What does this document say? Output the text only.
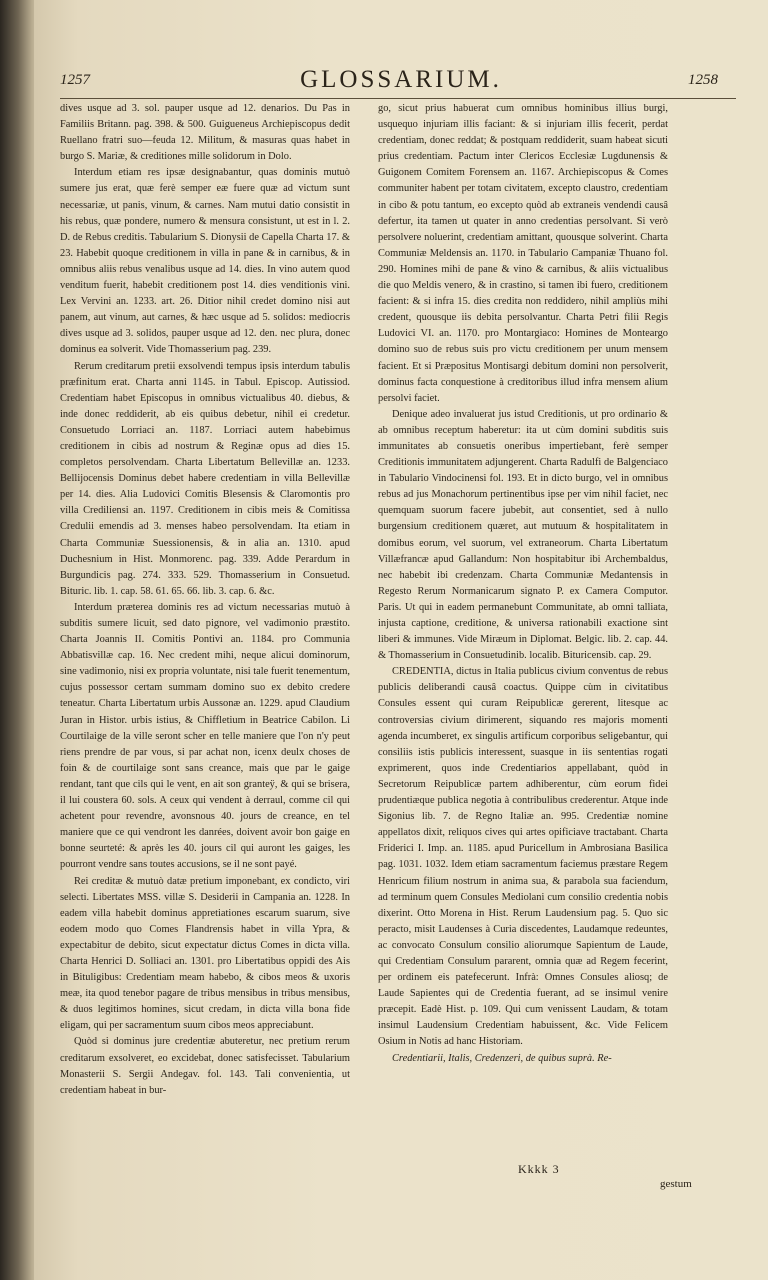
GLOSSARIUM.
1257	1258

dives usque ad 3. sol. pauper usque ad 12. denarios. Du Pas in Familiis Britann. pag. 398. & 500. Guigueneus Archiepiscopus dedit Ruellano fratri suo—feuda 12. Militum, & masuras quas habet in burgo S. Mariæ, & creditiones mille solidorum in Dolo.

Interdum etiam res ipsæ designabantur, quas dominis mutuò sumere jus erat, quæ ferè semper eæ fuere quæ ad victum sunt necessariæ, ut panis, vinum, & carnes. Nam mutui datio consistit in his rebus, quæ pondere, numero & mensura consistunt, ut est in l. 2. D. de Rebus creditis. Tabularium S. Dionysii de Capella Charta 17. & 23. Habebit quoque creditionem in villa in pane & in carnibus, & in omnibus aliis rebus venalibus usque ad 14. dies. In vino autem quod venditum fuerit, habebit creditionem post 14. dies venditionis vini. Lex Vervini an. 1233. art. 26. Ditior nihil credet domino nisi aut panem, aut vinum, aut carnes, & hæc usque ad 5. solidos: mediocris dives usque ad 3. solidos, pauper usque ad 12. den. nec plura, donec dominus ea solverit. Vide Thomasserium pag. 239.

Rerum creditarum pretii exsolvendi tempus ipsis interdum tabulis præfinitum erat. Charta anni 1145. in Tabul. Episcop. Autissiod. Credentiam habet Episcopus in omnibus victualibus 40. diebus, & inde donec reddiderit, ab eis quibus debetur, nihil ei credetur. Consuetudo Lorriaci an. 1187. Lorriaci autem habebimus creditionem in cibis ad nostrum & Reginæ opus ad dies 15. completos persolvendam. Charta Libertatum Bellevillæ an. 1233. Bellijocensis Dominus debet habere credentiam in villa Bellevillæ per 14. dies. Alia Ludovici Comitis Blesensis & Claromontis pro villa Crediliensi an. 1197. Creditionem in cibis meis & Comitissa Credulii emendis ad 3. menses habeo persolvendam. Ita etiam in Charta Communiæ Suessionensis, & in alia an. 1310. apud Duchesnium in Hist. Monmorenc. pag. 339. Adde Perardum in Burgundicis pag. 274. 333. 529. Thomasserium in Consuetud. Bituric. lib. 1. cap. 58. 61. 65. 66. lib. 3. cap. 6. &c.

Interdum præterea dominis res ad victum necessarias mutuò à subditis sumere licuit, sed dato pignore, vel vadimonio præstito. Charta Joannis II. Comitis Pontivi an. 1184. pro Communia Abbatisvillæ cap. 16. Nec credent mihi, neque alicui dominorum, sine vadimonio, nisi ex propria voluntate, nisi tale fuerit tenementum, cujus possessor certam summam domino suo ex debito credere teneatur. Charta Libertatum urbis Aussonæ an. 1229. apud Claudium Juran in Histor. urbis istius, & Chiffletium in Beatrice Cabilon. Li Courtilaige de la ville seront scher en telle maniere que l'on n'y peut riens prendre de par vous, si par achat non, icenx deulx choses de foin & de courtilaige sont sans creance, mais que par le gaige rendant, tant que cils qui le vent, en ait son granteÿ, & qui se brisera, il lui coustera 60. sols. A ceux qui vendent à derraul, comme cil qui achetent pour revendre, avonsnous 40. jours de creance, en tel maniere que ce qui vendront les danrées, doivent avoir bon gaige en bonne seurteté: & après les 40. jours cil qui auront les gaiges, les pourront vendre sans toutes accusions, se il ne sont payé.

Rei creditæ & mutuò datæ pretium imponebant, ex condicto, viri selecti. Libertates MSS. villæ S. Desiderii in Campania an. 1228. In eadem villa habebit dominus appretiationes escarum suarum, sive eodem modo quo Comes Flandrensis habet in villa Ypra, & expectabitur de debito, sicut expectatur dictus Comes in dicta villa. Charta Henrici D. Solliaci an. 1301. pro Libertatibus oppidi des Ais in Bituligibus: Credentiam meam habebo, & cibos meos & uxoris meæ, ita quod tenebor pagare de tribus mensibus in tribus mensibus, & duos legitimos homines, sicut credam, in dicta villa bona fide eligam, qui per sacramentum suum cibos meos appreciabunt.

Quòd si dominus jure credentiæ abuteretur, nec pretium rerum creditarum exsolveret, eo excidebat, donec satisfecisset. Tabularium Monasterii S. Sergii Andegav. fol. 143. Tali convenientia, ut credentiam habeat in bur-

go, sicut prius habuerat cum omnibus hominibus illius burgi, usquequo injuriam illis faciant: & si injuriam illis fecerit, perdat credentiam, donec reddat; & postquam reddiderit, suam habeat sicuti prius credentiam. Pactum inter Clericos Ecclesiæ Lugdunensis & Guigonem Comitem Forensem an. 1167. Archiepiscopus & Comes communiter habent per totam civitatem, excepto claustro, credentiam in cibo & potu tantum, eo excepto quòd ab extraneis vendendi causâ defertur, ita tamen ut quater in anno credentias persolvant. Si verò persolvere noluerint, credentiam amittant, quousque solverint. Charta Communiæ Meldensis an. 1170. in Tabulario Campaniæ Thuano fol. 290. Homines mihi de pane & vino & carnibus, & aliis victualibus die quo Meldis venero, & in crastino, si tamen ibi fuero, creditionem facient: & si infra 15. dies credita non reddidero, nihil ampliùs mihi credent, quousque iis debita persolvantur. Charta Petri filii Regis Ludovici VI. an. 1170. pro Montargiaco: Homines de Monteargo domino suo de rebus suis pro victu creditionem per unum mensem facient. Et si Præpositus Montisargi debitum domini non persolverit, dominus facta conquestione à creditoribus illud infra mensem alium persolvi faciet.

Denique adeo invaluerat jus istud Creditionis, ut pro ordinario & ab omnibus receptum haberetur: ita ut cùm domini subditis suis immunitates ab consuetis oneribus impertiebant, ferè semper Creditionis immunitatem adjungerent. Charta Radulfi de Balgenciaco in Tabulario Vindocinensi fol. 193. Et in dicto burgo, vel in omnibus rebus ad jus Monachorum pertinentibus ipse per vim nihil faciet, nec quemquam suorum facere jubebit, aut consentiet, sed à nullo burgensium creditionem quæret, aut mutuum & hospitalitatem in domibus eorum, vel suorum, vel extraneorum. Charta Libertatum Villæfrancæ apud Gallandum: Non hospitabitur ibi Archembaldus, nec habebit ibi credenzam. Charta Communiæ Medantensis in Regesto Rerum Normanicarum signato P. ex Camera Computor. Paris. Ut qui in eadem permanebunt Communitate, ab omni talliata, injusta captione, creditione, & universa rationabili exactione sint liberi & immunes. Vide Miræum in Diplomat. Belgic. lib. 2. cap. 44. & Thomasserium in Consuetudinib. localib. Bituricensib. cap. 29.

CREDENTIA, dictus in Italia publicus civium conventus de rebus publicis deliberandi causâ coactus. Quippe cùm in civitatibus Consules essent qui curam Reipublicæ gererent, litesque ac controversias civium dirimerent, siquando res majoris momenti agenda incumberet, ex singulis artificum corporibus seligebantur, qui consiliis istis publicis interessent, suasque in iis sententias rogati exprimerent, quos inde Credentiarios appellabant, quòd in Secretorum Reipublicæ partem adhiberentur, cùm eorum fidei prudentiæque publica negotia à contribulibus crederentur. Atque inde Sigonius lib. 7. de Regno Italiæ an. 995. Credentiæ nomine appellatos dixit, reliquos cives qui artes opificiave tractabant. Charta Friderici I. Imp. an. 1185. apud Puricellum in Ambrosiana Basilica pag. 1031. 1032. Idem etiam sacramentum faciemus præstare Regem Henricum filium nostrum in anima sua, & parabola sua faciendum, ad terminum quem Consules Mediolani cum consilio credentia nobis dixerint. Otto Morena in Hist. Rerum Laudensium pag. 5. Quo sic peracto, misit Laudenses à Curia discedentes, Laudamque redeuntes, ac convocato Consulum consilio aliorumque Sapientum de Laude, qui Credentiam Consulum pararent, omnia quæ ad Regem fecerint, per ordinem eis patefecerunt. Infrà: Omnes Consules aliosq; de Laude Sapientes qui de Credentia fuerant, ad se insimul venire præcepit. Eadè Hist. p. 109. Qui cum venissent Laudam, & totam insimul Laudensium Credentiam habuissent, &c. Vide Felicem Osium in Notis ad hanc Historiam.

Credentiarii, Italis, Credenzeri, de quibus suprà. Re-

Kkkk 3
gestum
